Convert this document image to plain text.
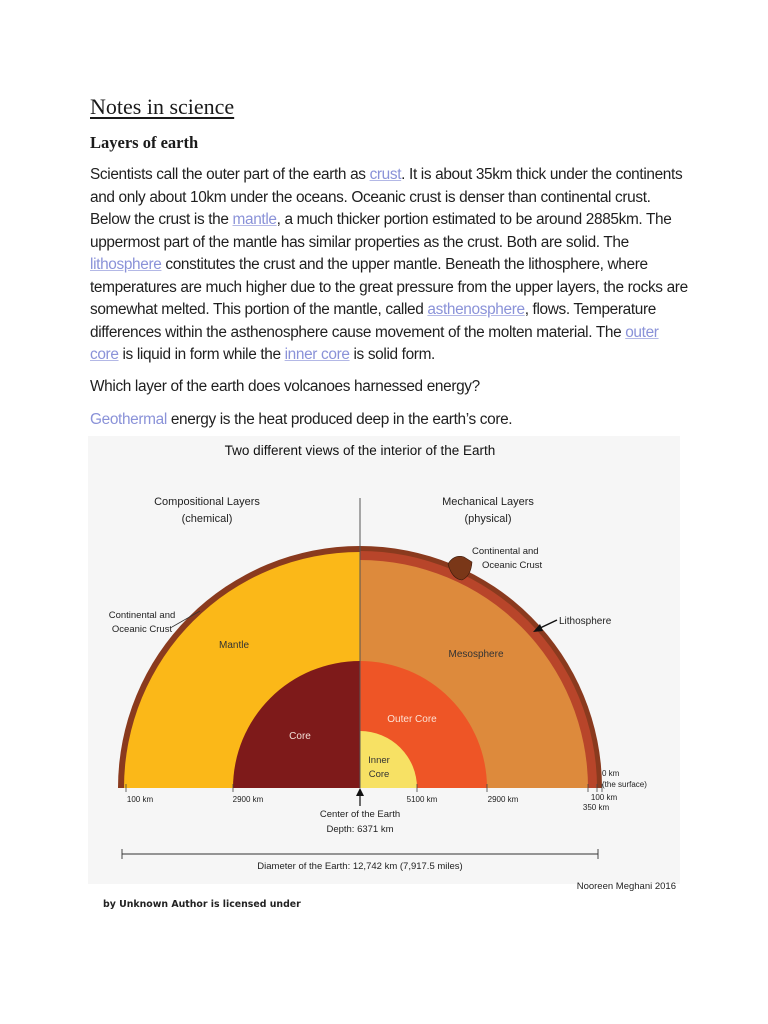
Notes in science
Layers of earth

Scientists call the outer part of the earth as crust. It is about 35km thick under the continents and only about 10km under the oceans. Oceanic crust is denser than continental crust. Below the crust is the mantle, a much thicker portion estimated to be around 2885km. The uppermost part of the mantle has similar properties as the crust. Both are solid. The lithosphere constitutes the crust and the upper mantle. Beneath the lithosphere, where temperatures are much higher due to the great pressure from the upper layers, the rocks are somewhat melted. This portion of the mantle, called asthenosphere, flows. Temperature differences within the asthenosphere cause movement of the molten material. The outer core is liquid in form while the inner core is solid form.

Which layer of the earth does volcanoes harnessed energy?

Geothermal energy is the heat produced deep in the earth’s core.

Two different views of the interior of the Earth
Compositional Layers
(chemical)
Mechanical Layers
(physical)
Continental and
Oceanic Crust
Continental and
Oceanic Crust
Mantle
Core
Lithosphere
Mesosphere
Outer Core
Inner
Core
100 km	2900 km	5100 km	2900 km	100 km
350 km
0 km
(the surface)
Center of the Earth
Depth: 6371 km
Diameter of the Earth: 12,742 km (7,917.5 miles)
Nooreen Meghani 2016

by Unknown Author is licensed under
